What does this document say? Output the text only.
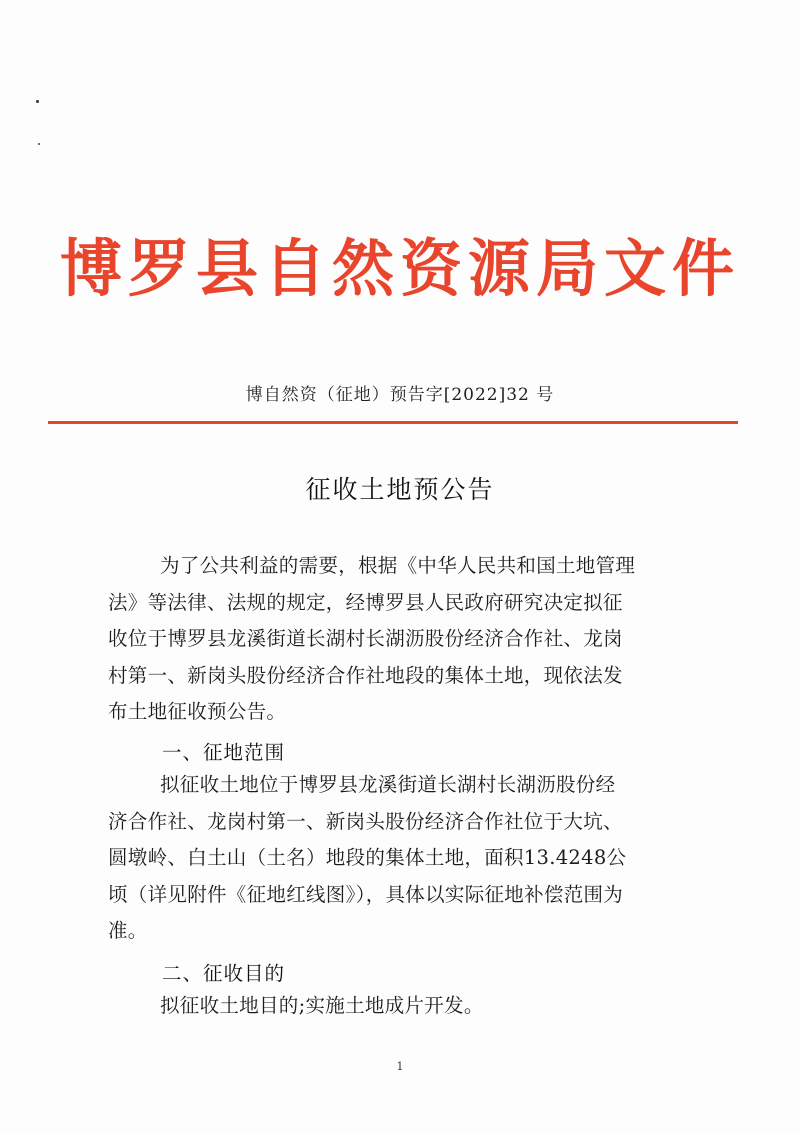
博罗县自然资源局文件
博自然资（征地）预告字[2022]32 号
征收土地预公告
为了公共利益的需要，根据《中华人民共和国土地管理
法》等法律、法规的规定，经博罗县人民政府研究决定拟征
收位于博罗县龙溪街道长湖村长湖沥股份经济合作社、龙岗
村第一、新岗头股份经济合作社地段的集体土地，现依法发
布土地征收预公告。
一、征地范围
拟征收土地位于博罗县龙溪街道长湖村长湖沥股份经
济合作社、龙岗村第一、新岗头股份经济合作社位于大坑、
圆墩岭、白土山（土名）地段的集体土地，面积13.4248公
顷（详见附件《征地红线图》），具体以实际征地补偿范围为
准。
二、征收目的
拟征收土地目的;实施土地成片开发。
1
